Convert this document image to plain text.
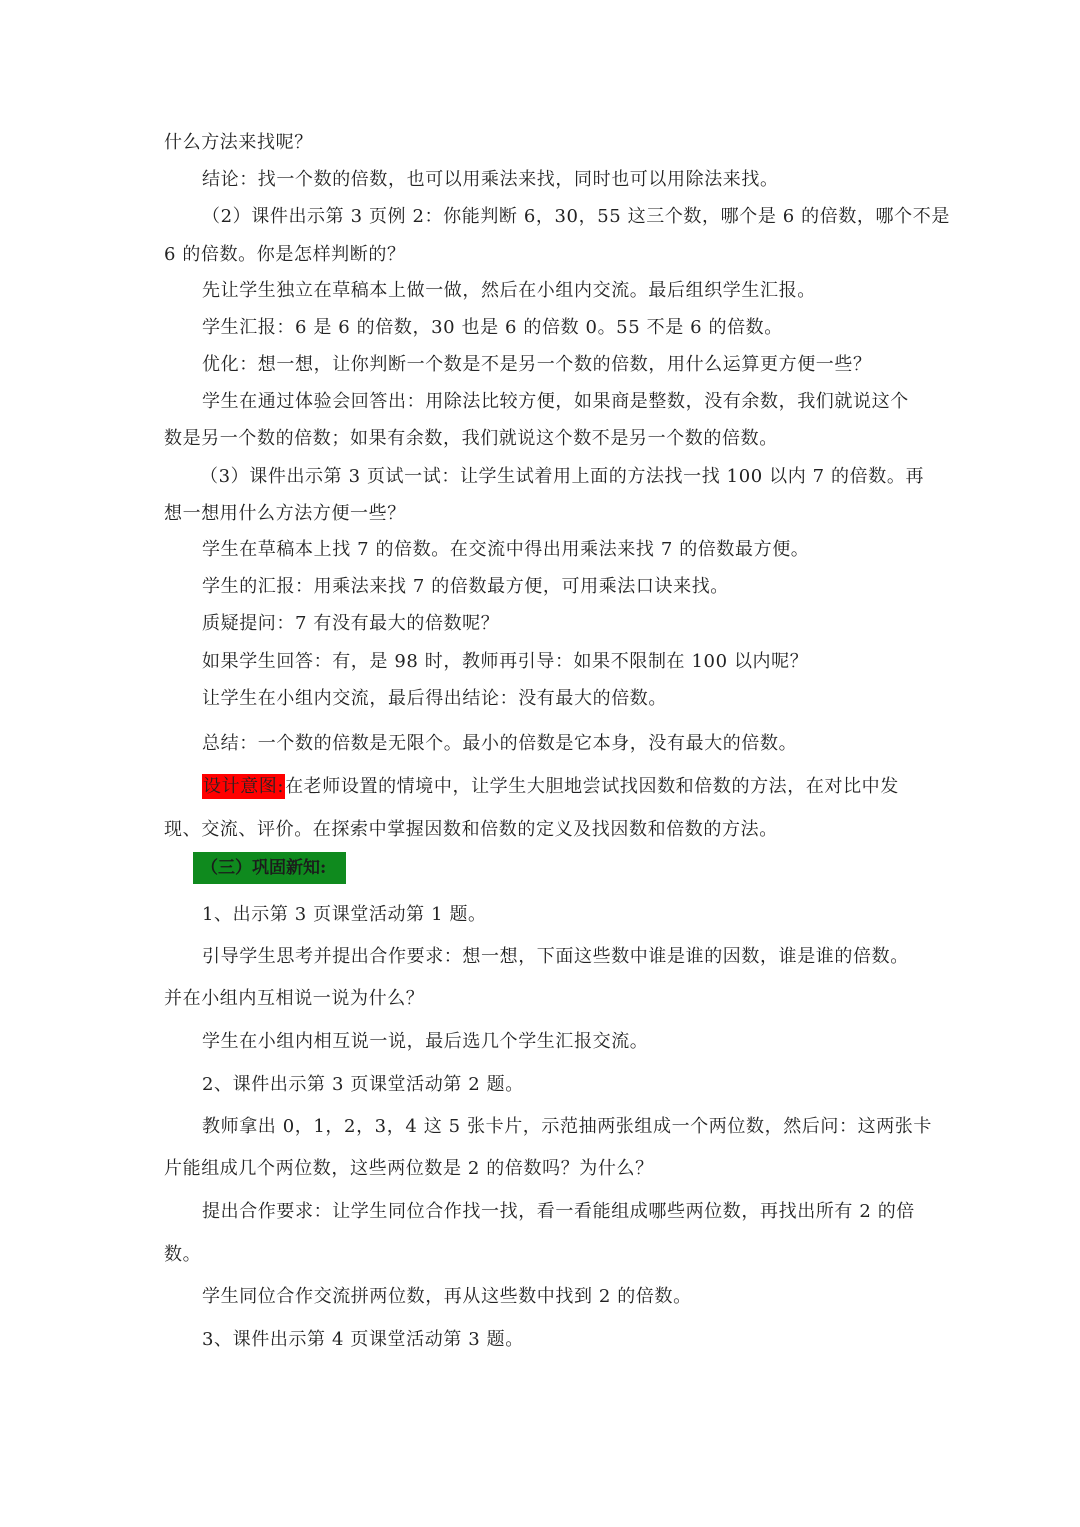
什么方法来找呢？
结论：找一个数的倍数，也可以用乘法来找，同时也可以用除法来找。
（2）课件出示第 3 页例 2：你能判断 6，30，55 这三个数，哪个是 6 的倍数，哪个不是
6 的倍数。你是怎样判断的？
先让学生独立在草稿本上做一做，然后在小组内交流。最后组织学生汇报。
学生汇报：6 是 6 的倍数，30 也是 6 的倍数 0。55 不是 6 的倍数。
优化：想一想，让你判断一个数是不是另一个数的倍数，用什么运算更方便一些？
学生在通过体验会回答出：用除法比较方便，如果商是整数，没有余数，我们就说这个
数是另一个数的倍数；如果有余数，我们就说这个数不是另一个数的倍数。
（3）课件出示第 3 页试一试：让学生试着用上面的方法找一找 100 以内 7 的倍数。再
想一想用什么方法方便一些？
学生在草稿本上找 7 的倍数。在交流中得出用乘法来找 7 的倍数最方便。
学生的汇报：用乘法来找 7 的倍数最方便，可用乘法口诀来找。
质疑提问：7 有没有最大的倍数呢？
如果学生回答：有，是 98 时，教师再引导：如果不限制在 100 以内呢？
让学生在小组内交流，最后得出结论：没有最大的倍数。
总结：一个数的倍数是无限个。最小的倍数是它本身，没有最大的倍数。
设计意图:在老师设置的情境中，让学生大胆地尝试找因数和倍数的方法，在对比中发
现、交流、评价。在探索中掌握因数和倍数的定义及找因数和倍数的方法。
（三）巩固新知:
1、出示第 3 页课堂活动第 1 题。
引导学生思考并提出合作要求：想一想，下面这些数中谁是谁的因数，谁是谁的倍数。
并在小组内互相说一说为什么？
学生在小组内相互说一说，最后选几个学生汇报交流。
2、课件出示第 3 页课堂活动第 2 题。
教师拿出 0，1，2，3，4 这 5 张卡片，示范抽两张组成一个两位数，然后问：这两张卡
片能组成几个两位数，这些两位数是 2 的倍数吗？为什么？
提出合作要求：让学生同位合作找一找，看一看能组成哪些两位数，再找出所有 2 的倍
数。
学生同位合作交流拼两位数，再从这些数中找到 2 的倍数。
3、课件出示第 4 页课堂活动第 3 题。
